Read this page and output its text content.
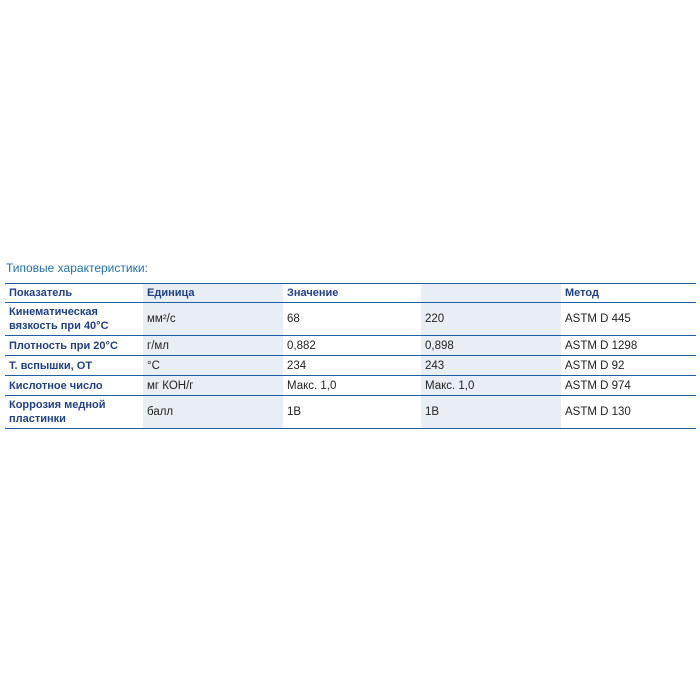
Типовые характеристики:
Показатель	Единица	Значение		Метод
Кинематическая вязкость при 40°C	мм²/с	68	220	ASTM D 445
Плотность при 20°C	г/мл	0,882	0,898	ASTM D 1298
Т. вспышки, ОТ	°C	234	243	ASTM D 92
Кислотное число	мг КОН/г	Макс. 1,0	Макс. 1,0	ASTM D 974
Коррозия медной пластинки	балл	1B	1B	ASTM D 130
